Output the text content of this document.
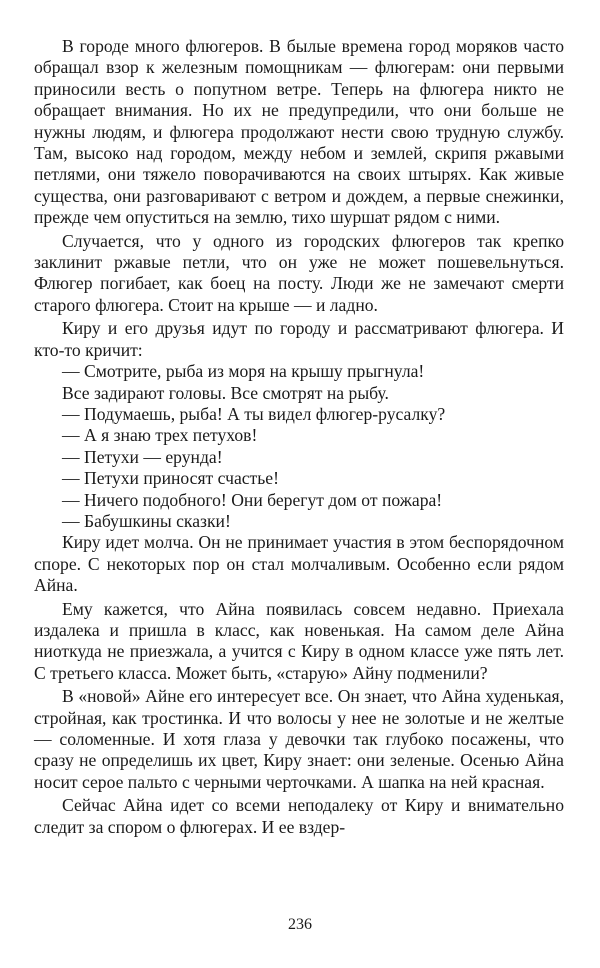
В городе много флюгеров. В былые времена город моряков часто обращал взор к железным помощникам — флюгерам: они первыми приносили весть о попутном ветре. Теперь на флюгера никто не обращает внимания. Но их не предупредили, что они больше не нужны людям, и флюгера продолжают нести свою трудную службу. Там, высоко над городом, между небом и землей, скрипя ржавыми петлями, они тяжело поворачиваются на своих штырях. Как живые существа, они разговаривают с ветром и дождем, а первые снежинки, прежде чем опуститься на землю, тихо шуршат рядом с ними.

Случается, что у одного из городских флюгеров так крепко заклинит ржавые петли, что он уже не может пошевельнуться. Флюгер погибает, как боец на посту. Люди же не замечают смерти старого флюгера. Стоит на крыше — и ладно.

Киру и его друзья идут по городу и рассматривают флюгера. И кто-то кричит:

— Смотрите, рыба из моря на крышу прыгнула!

Все задирают головы. Все смотрят на рыбу.

— Подумаешь, рыба! А ты видел флюгер-русалку?

— А я знаю трех петухов!

— Петухи — ерунда!

— Петухи приносят счастье!

— Ничего подобного! Они берегут дом от пожара!

— Бабушкины сказки!

Киру идет молча. Он не принимает участия в этом беспорядочном споре. С некоторых пор он стал молчаливым. Особенно если рядом Айна.

Ему кажется, что Айна появилась совсем недавно. Приехала издалека и пришла в класс, как новенькая. На самом деле Айна ниоткуда не приезжала, а учится с Киру в одном классе уже пять лет. С третьего класса. Может быть, «старую» Айну подменили?

В «новой» Айне его интересует все. Он знает, что Айна худенькая, стройная, как тростинка. И что волосы у нее не золотые и не желтые — соломенные. И хотя глаза у девочки так глубоко посажены, что сразу не определишь их цвет, Киру знает: они зеленые. Осенью Айна носит серое пальто с черными черточками. А шапка на ней красная.

Сейчас Айна идет со всеми неподалеку от Киру и внимательно следит за спором о флюгерах. И ее вздер-

236
